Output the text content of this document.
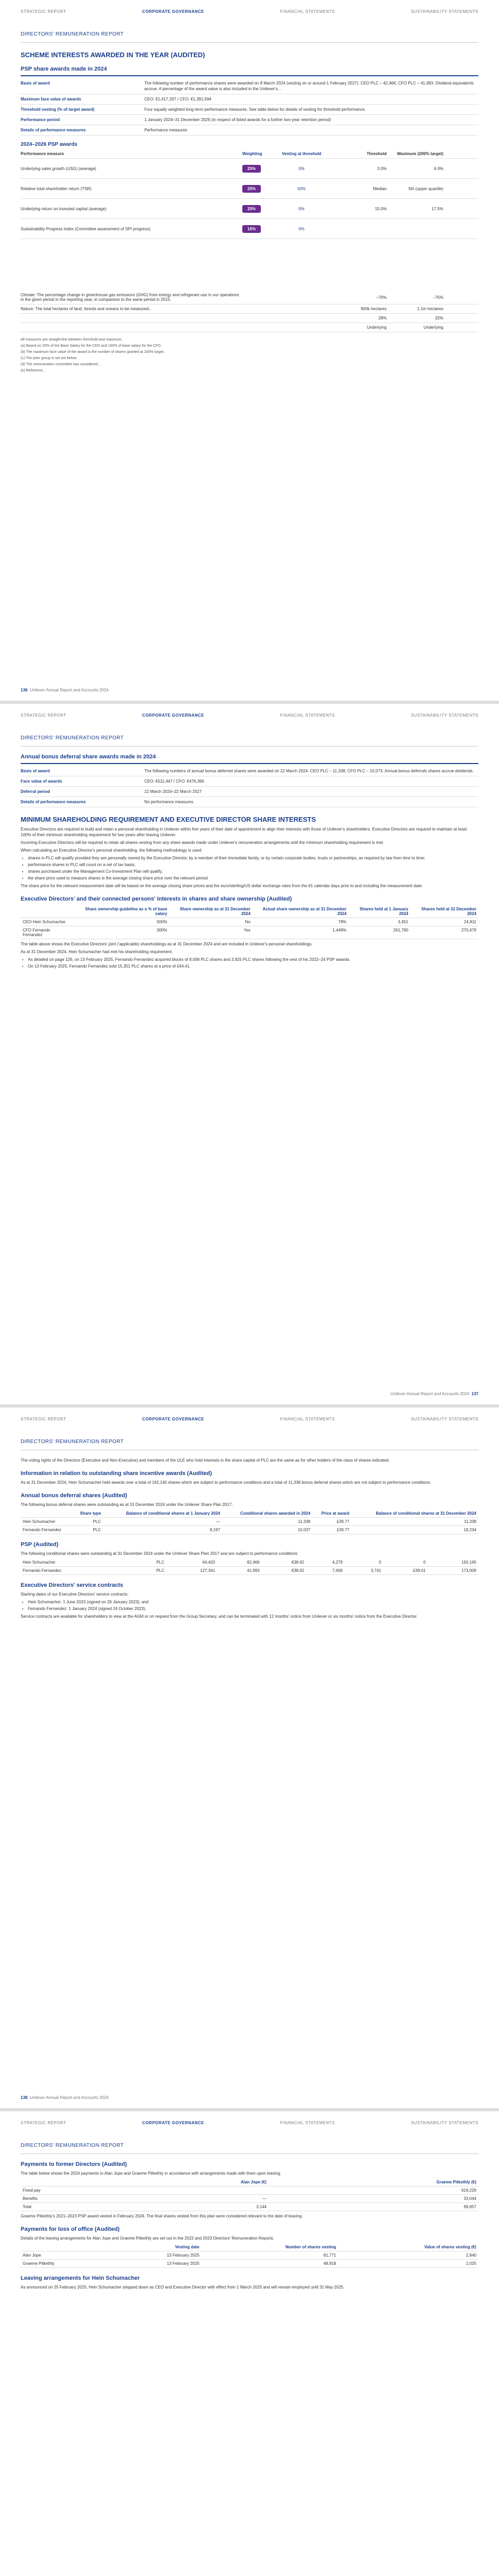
STRATEGIC REPORT	CORPORATE GOVERNANCE	FINANCIAL STATEMENTS	SUSTAINABILITY STATEMENTS
DIRECTORS' REMUNERATION REPORT
SCHEME INTERESTS AWARDED IN THE YEAR (AUDITED)
PSP share awards made in 2024
Basis of award	The following number of performance shares were awarded on 8 March 2024 (vesting on or around 1 February 2027): CEO PLC – 42,466; CFO PLC – 41,993. Dividend equivalents accrue. A percentage of the award value is also included in the Unilever's...
Maximum face value of awards	CEO: €1,417,297 / CFO: €1,391,594
Threshold vesting (% of target award)	Four equally weighted long-term performance measures. See table below for details of vesting for threshold performance.
Performance period	1 January 2024–31 December 2026 (in respect of listed awards for a further two-year retention period)
Details of performance measures	Performance measures
2024–2026 PSP awards
Performance measure	Weighting	Vesting at threshold	Threshold	Maximum (200% target)
Underlying sales growth (USG) (average)	25%	0%	3.0%	6.0%
Relative total shareholder return (TSR)	25%	50%	Median	5th (upper quartile)
Underlying return on invested capital (average)	25%	0%	15.0%	17.5%
Sustainability Progress Index (Committee assessment of SPI progress)	15%	0%
Climate: The percentage change in greenhouse gas emissions (GHG) from energy and refrigerant use in our operations in the given period in the reporting year, in comparison to the same period in 2015.	−70%	−75%
Nature: The total hectares of land, forests and oceans to be measured...	900k hectares	1.1m hectares
28%	32%
Underlying	Underlying
All measures are straight-line between threshold and maximum.
(a) Based on 25% of the Base Salary for the CEO and 100% of base salary for the CFO.
(b) The maximum face value of the award is the number of shares granted at 200% target.
(c) The peer group is set out below.
(d) The remuneration committee has considered...
(e) Reference...
136 Unilever Annual Report and Accounts 2024
STRATEGIC REPORT	CORPORATE GOVERNANCE	FINANCIAL STATEMENTS	SUSTAINABILITY STATEMENTS
DIRECTORS' REMUNERATION REPORT
Annual bonus deferral share awards made in 2024
Basis of award	The following numbers of annual bonus deferred shares were awarded on 22 March 2024: CEO PLC – 11,338; CFO PLC – 10,073. Annual bonus deferrals shares accrue dividends.
Face value of awards	CEO: €511,447 / CFO: €476,366
Deferral period	22 March 2024–22 March 2027
Details of performance measures	No performance measures.
MINIMUM SHAREHOLDING REQUIREMENT AND EXECUTIVE DIRECTOR SHARE INTERESTS

Executive Directors are required to build and retain a personal shareholding in Unilever within five years of their date of appointment to align their interests with those of Unilever's shareholders. Executive Directors are required to maintain at least 100% of their minimum shareholding requirement for two years after leaving Unilever.

Incoming Executive Directors will be required to retain all shares vesting from any share awards made under Unilever's remuneration arrangements until the minimum shareholding requirement is met.

When calculating an Executive Director's personal shareholding, the following methodology is used:

• shares in PLC will qualify provided they are personally owned by the Executive Director, by a member of their immediate family, or by certain corporate bodies, trusts or partnerships, as required by law from time to time;
• performance shares in PLC will count on a net of tax basis;
• shares purchased under the Management Co-Investment Plan will qualify;
• the share price used to measure shares is the average closing share price over the relevant period.

The share price for the relevant measurement date will be based on the average closing share prices and the euro/sterling/US dollar exchange rates from the 61 calendar days prior to and including the measurement date.

Executive Directors' and their connected persons' interests in shares and share ownership (Audited)
	Share ownership guideline as a % of base salary	Share ownership as at 31 December 2024	Actual share ownership as at 31 December 2024	Shares held at 1 January 2024	Shares held at 31 December 2024
CEO Hein Schumacher	500%	No	79%	3,451	24,811
CFO Fernando Fernandez	300%	Yes	1,449%	261,780	270,479

The table above shows the Executive Directors' joint ('applicable) shareholdings as at 31 December 2024 and are included in Unilever's personal shareholdings.

As at 31 December 2024, Hein Schumacher had met his shareholding requirement.

• As detailed on page 126, on 13 February 2025, Fernando Fernandez acquired blocks of 8,058 PLC shares and 3,925 PLC shares following the vest of his 2022–24 PSP awards.
• On 13 February 2025, Fernando Fernandez sold 15,351 PLC shares at a price of £44.41.
Unilever Annual Report and Accounts 2024 137
STRATEGIC REPORT	CORPORATE GOVERNANCE	FINANCIAL STATEMENTS	SUSTAINABILITY STATEMENTS
DIRECTORS' REMUNERATION REPORT

The voting rights of the Directors (Executive and Non-Executive) and members of the ULE who hold interests in the share capital of PLC are the same as for other holders of the class of shares indicated.

Information in relation to outstanding share incentive awards (Audited)

As at 31 December 2024, Hein Schumacher held awards over a total of 162,140 shares which are subject to performance conditions and a total of 11,338 bonus deferral shares which are not subject to performance conditions.

Annual bonus deferral shares (Audited)

The following bonus deferral shares were outstanding as at 31 December 2024 under the Unilever Share Plan 2017:

	Share type	Balance of conditional shares at 1 January 2024	Conditional shares awarded in 2024	Price at award	Balance of conditional shares at 31 December 2024
Hein Schumacher	PLC	—	11,338	£39.77	11,338
Fernando Fernandez	PLC	8,197	10,037	£39.77	18,234
PSP (Audited)

The following conditional shares were outstanding at 31 December 2024 under the Unilever Share Plan 2017 and are subject to performance conditions:

Hein Schumacher	PLC	64,420	82,466	€38.92	4,279	0	0	150,165
Fernando Fernandez	PLC	127,341	41,993	€38.92	7,406	3,741	£39.01	173,009
Executive Directors' service contracts

Starting dates of our Executive Directors' service contracts:

• Hein Schumacher: 1 June 2023 (signed on 26 January 2023); and
• Fernando Fernandez: 1 January 2024 (signed 24 October 2023).

Service contracts are available for shareholders to view at the AGM or on request from the Group Secretary, and can be terminated with 12 months' notice from Unilever or six months' notice from the Executive Director.

138 Unilever Annual Report and Accounts 2024
STRATEGIC REPORT	CORPORATE GOVERNANCE	FINANCIAL STATEMENTS	SUSTAINABILITY STATEMENTS
DIRECTORS' REMUNERATION REPORT
Payments to former Directors (Audited)

The table below shows the 2024 payments to Alan Jope and Graeme Pitkethly in accordance with arrangements made with them upon leaving.

	Alan Jope (€)	Graeme Pitkethly (€)
Fixed pay		619,226
Benefits	—	33,044
Total	3,144	99,857

Graeme Pitkethly's 2021–2023 PSP award vested in February 2024. The final shares vested from this plan were considered relevant to the date of leaving.

Payments for loss of office (Audited)

Details of the leaving arrangements for Alan Jope and Graeme Pitkethly are set out in the 2022 and 2023 Directors' Remuneration Reports.

	Vesting date	Number of shares vesting	Value of shares vesting (€)
Alan Jope	13 February 2025	81,771	2,840
Graeme Pitkethly	13 February 2025	48,918	2,025
Leaving arrangements for Hein Schumacher

As announced on 25 February 2025, Hein Schumacher stepped down as CEO and Executive Director with effect from 1 March 2025 and will remain employed until 31 May 2025.
